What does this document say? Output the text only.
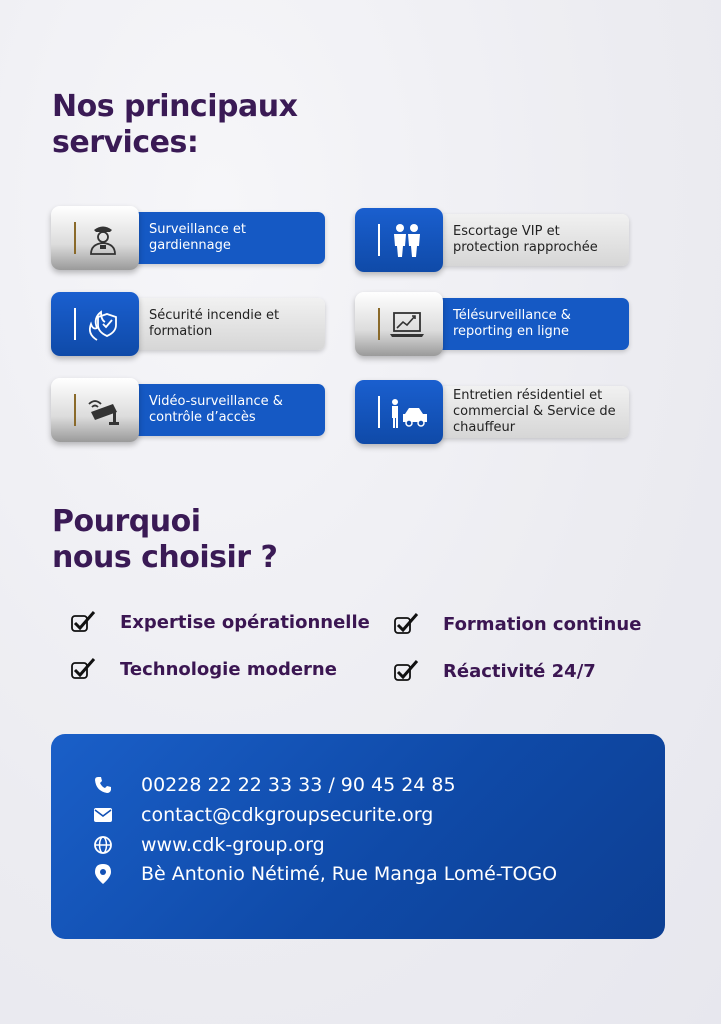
Nos principaux
services:
Surveillance et gardiennage
Escortage VIP et protection rapprochée
Sécurité incendie et formation
Télésurveillance & reporting en ligne
Vidéo-surveillance & contrôle d’accès
Entretien résidentiel et commercial & Service de chauffeur
Pourquoi
nous choisir ?
Expertise opérationnelle	Formation continue
Technologie moderne	Réactivité 24/7
00228 22 22 33 33 / 90 45 24 85
contact@cdkgroupsecurite.org
www.cdk-group.org
Bè Antonio Nétimé, Rue Manga Lomé-TOGO
